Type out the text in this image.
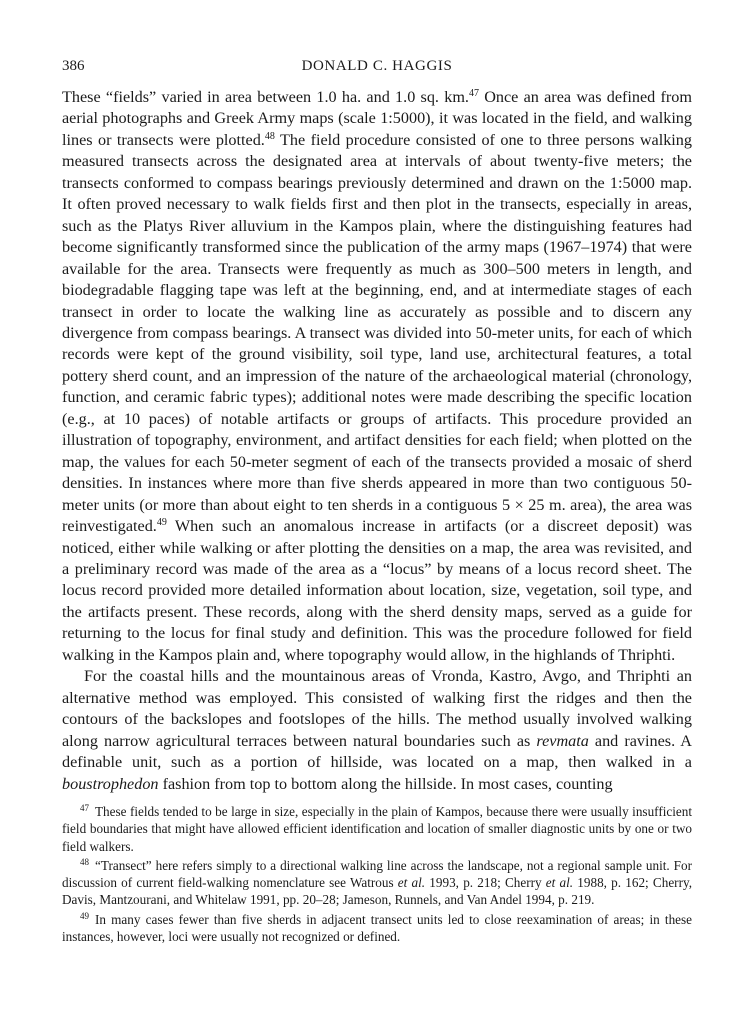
386	DONALD C. HAGGIS

These “fields” varied in area between 1.0 ha. and 1.0 sq. km.$^{47}$ Once an area was defined from aerial photographs and Greek Army maps (scale 1:5000), it was located in the field, and walking lines or transects were plotted.$^{48}$ The field procedure consisted of one to three persons walking measured transects across the designated area at intervals of about twenty-five meters; the transects conformed to compass bearings previously determined and drawn on the 1:5000 map. It often proved necessary to walk fields first and then plot in the transects, especially in areas, such as the Platys River alluvium in the Kampos plain, where the distinguishing features had become significantly transformed since the publication of the army maps (1967–1974) that were available for the area. Transects were frequently as much as 300–500 meters in length, and biodegradable flagging tape was left at the beginning, end, and at intermediate stages of each transect in order to locate the walking line as accurately as possible and to discern any divergence from compass bearings. A transect was divided into 50-meter units, for each of which records were kept of the ground visibility, soil type, land use, architectural features, a total pottery sherd count, and an impression of the nature of the archaeological material (chronology, function, and ceramic fabric types); additional notes were made describing the specific location (e.g., at 10 paces) of notable artifacts or groups of artifacts. This procedure provided an illustration of topography, environment, and artifact densities for each field; when plotted on the map, the values for each 50-meter segment of each of the transects provided a mosaic of sherd densities. In instances where more than five sherds appeared in more than two contiguous 50-meter units (or more than about eight to ten sherds in a contiguous 5 × 25 m. area), the area was reinvestigated.$^{49}$ When such an anomalous increase in artifacts (or a discreet deposit) was noticed, either while walking or after plotting the densities on a map, the area was revisited, and a preliminary record was made of the area as a “locus” by means of a locus record sheet. The locus record provided more detailed information about location, size, vegetation, soil type, and the artifacts present. These records, along with the sherd density maps, served as a guide for returning to the locus for final study and definition. This was the procedure followed for field walking in the Kampos plain and, where topography would allow, in the highlands of Thriphti.

For the coastal hills and the mountainous areas of Vronda, Kastro, Avgo, and Thriphti an alternative method was employed. This consisted of walking first the ridges and then the contours of the backslopes and footslopes of the hills. The method usually involved walking along narrow agricultural terraces between natural boundaries such as revmata and ravines. A definable unit, such as a portion of hillside, was located on a map, then walked in a boustrophedon fashion from top to bottom along the hillside. In most cases, counting

$^{47}$ These fields tended to be large in size, especially in the plain of Kampos, because there were usually insufficient field boundaries that might have allowed efficient identification and location of smaller diagnostic units by one or two field walkers.

$^{48}$ “Transect” here refers simply to a directional walking line across the landscape, not a regional sample unit. For discussion of current field-walking nomenclature see Watrous et al. 1993, p. 218; Cherry et al. 1988, p. 162; Cherry, Davis, Mantzourani, and Whitelaw 1991, pp. 20–28; Jameson, Runnels, and Van Andel 1994, p. 219.

$^{49}$ In many cases fewer than five sherds in adjacent transect units led to close reexamination of areas; in these instances, however, loci were usually not recognized or defined.
